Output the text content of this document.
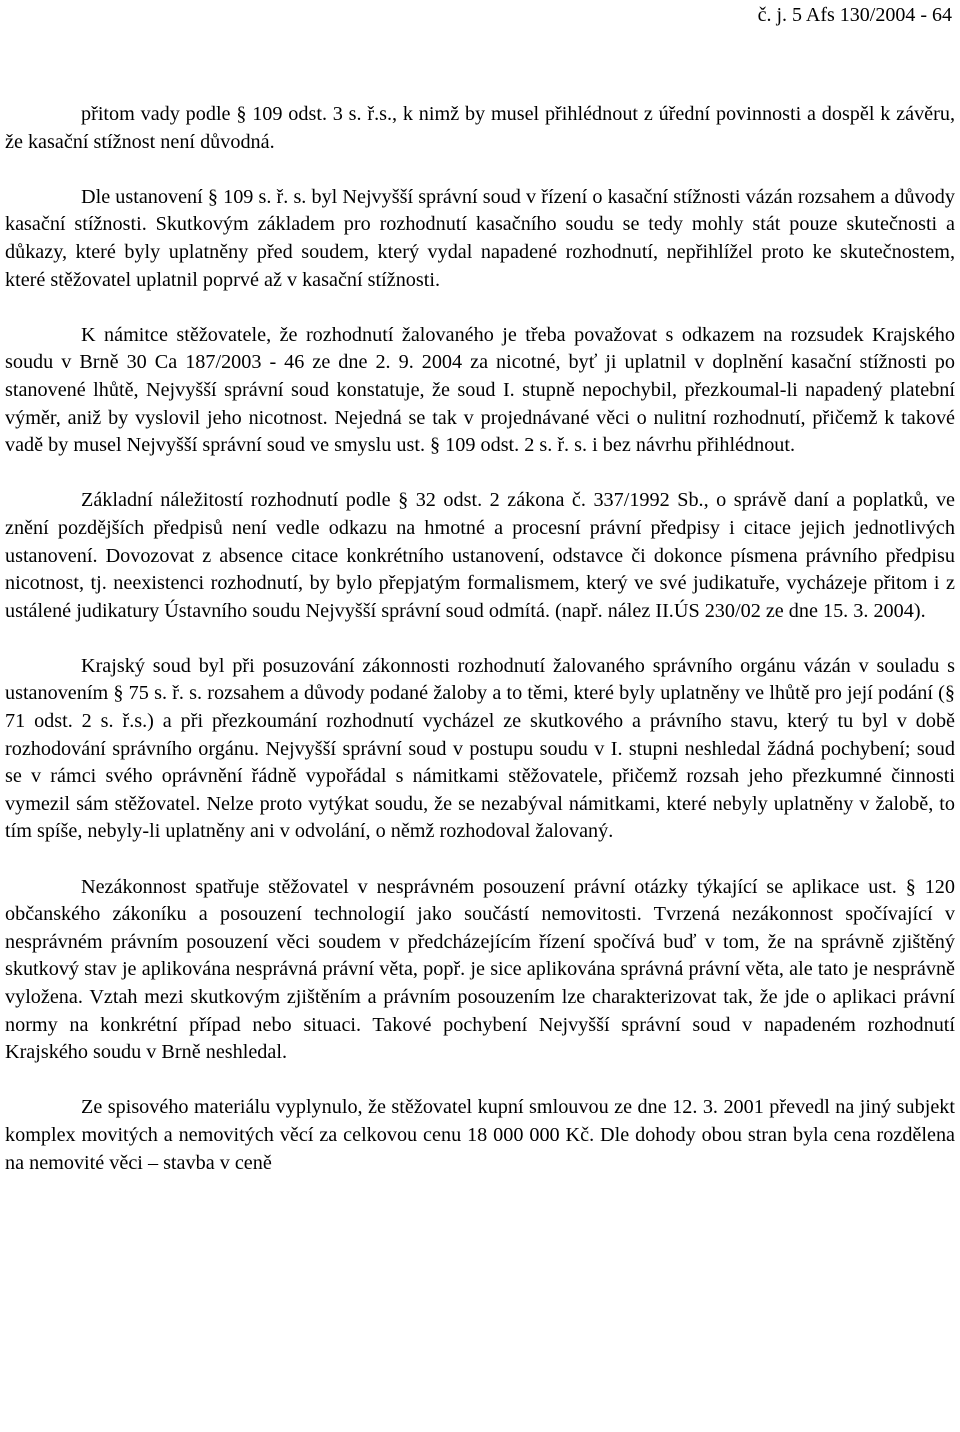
č. j. 5 Afs 130/2004 - 64

přitom vady podle § 109 odst. 3 s. ř.s., k nimž by musel přihlédnout z úřední povinnosti a dospěl k závěru, že kasační stížnost není důvodná.

Dle ustanovení § 109 s. ř. s. byl Nejvyšší správní soud v řízení o kasační stížnosti vázán rozsahem a důvody kasační stížnosti. Skutkovým základem pro rozhodnutí kasačního soudu se tedy mohly stát pouze skutečnosti a důkazy, které byly uplatněny před soudem, který vydal napadené rozhodnutí, nepřihlížel proto ke skutečnostem, které stěžovatel uplatnil poprvé až v kasační stížnosti.

K námitce stěžovatele, že rozhodnutí žalovaného je třeba považovat s odkazem na rozsudek Krajského soudu v Brně 30 Ca 187/2003 - 46 ze dne 2. 9. 2004 za nicotné, byť ji uplatnil v doplnění kasační stížnosti po stanovené lhůtě, Nejvyšší správní soud konstatuje, že soud I. stupně nepochybil, přezkoumal-li napadený platební výměr, aniž by vyslovil jeho nicotnost. Nejedná se tak v projednávané věci o nulitní rozhodnutí, přičemž k takové vadě by musel Nejvyšší správní soud ve smyslu ust. § 109 odst. 2 s. ř. s. i bez návrhu přihlédnout.

Základní náležitostí rozhodnutí podle § 32 odst. 2 zákona č. 337/1992 Sb., o správě daní a poplatků, ve znění pozdějších předpisů není vedle odkazu na hmotné a procesní právní předpisy i citace jejich jednotlivých ustanovení. Dovozovat z absence citace konkrétního ustanovení, odstavce či dokonce písmena právního předpisu nicotnost, tj. neexistenci rozhodnutí, by bylo přepjatým formalismem, který ve své judikatuře, vycházeje přitom i z ustálené judikatury Ústavního soudu Nejvyšší správní soud odmítá. (např. nález II.ÚS 230/02 ze dne 15. 3. 2004).

Krajský soud byl při posuzování zákonnosti rozhodnutí žalovaného správního orgánu vázán v souladu s ustanovením § 75 s. ř. s. rozsahem a důvody podané žaloby a to těmi, které byly uplatněny ve lhůtě pro její podání (§ 71 odst. 2 s. ř.s.) a při přezkoumání rozhodnutí vycházel ze skutkového a právního stavu, který tu byl v době rozhodování správního orgánu. Nejvyšší správní soud v postupu soudu v I. stupni neshledal žádná pochybení; soud se v rámci svého oprávnění řádně vypořádal s námitkami stěžovatele, přičemž rozsah jeho přezkumné činnosti vymezil sám stěžovatel. Nelze proto vytýkat soudu, že se nezabýval námitkami, které nebyly uplatněny v žalobě, to tím spíše, nebyly-li uplatněny ani v odvolání, o němž rozhodoval žalovaný.

Nezákonnost spatřuje stěžovatel v nesprávném posouzení právní otázky týkající se aplikace ust. § 120 občanského zákoníku a posouzení technologií jako součástí nemovitosti. Tvrzená nezákonnost spočívající v nesprávném právním posouzení věci soudem v předcházejícím řízení spočívá buď v tom, že na správně zjištěný skutkový stav je aplikována nesprávná právní věta, popř. je sice aplikována správná právní věta, ale tato je nesprávně vyložena. Vztah mezi skutkovým zjištěním a právním posouzením lze charakterizovat tak, že jde o aplikaci právní normy na konkrétní případ nebo situaci. Takové pochybení Nejvyšší správní soud v napadeném rozhodnutí Krajského soudu v Brně neshledal.

Ze spisového materiálu vyplynulo, že stěžovatel kupní smlouvou ze dne 12. 3. 2001 převedl na jiný subjekt komplex movitých a nemovitých věcí za celkovou cenu 18 000 000 Kč. Dle dohody obou stran byla cena rozdělena na nemovité věci – stavba v ceně
